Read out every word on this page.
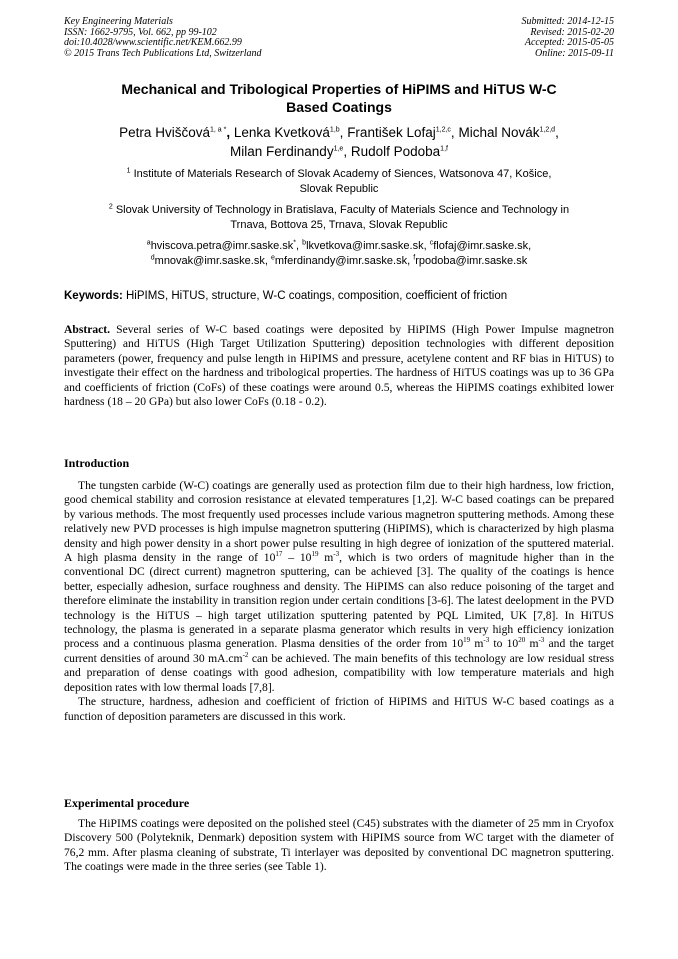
Key Engineering Materials
ISSN: 1662-9795, Vol. 662, pp 99-102
doi:10.4028/www.scientific.net/KEM.662.99
© 2015 Trans Tech Publications Ltd, Switzerland
Submitted: 2014-12-15
Revised: 2015-02-20
Accepted: 2015-05-05
Online: 2015-09-11
Mechanical and Tribological Properties of HiPIMS and HiTUS W-C
Based Coatings
Petra Hviščová$^{1, a *}$, Lenka Kvetková$^{1,b}$, František Lofaj$^{1,2,c}$, Michal Novák$^{1,2,d}$,
Milan Ferdinandy$^{1,e}$, Rudolf Podoba$^{1,f}$
$^1$ Institute of Materials Research of Slovak Academy of Siences, Watsonova 47, Košice,
Slovak Republic
$^2$ Slovak University of Technology in Bratislava, Faculty of Materials Science and Technology in
Trnava, Bottova 25, Trnava, Slovak Republic
$^a$hviscova.petra@imr.saske.sk*, $^b$lkvetkova@imr.saske.sk, $^c$flofaj@imr.saske.sk,
$^d$mnovak@imr.saske.sk, $^e$mferdinandy@imr.saske.sk, $^f$rpodoba@imr.saske.sk
Keywords: HiPIMS, HiTUS, structure, W-C coatings, composition, coefficient of friction
Abstract. Several series of W-C based coatings were deposited by HiPIMS (High Power Impulse magnetron Sputtering) and HiTUS (High Target Utilization Sputtering) deposition technologies with different deposition parameters (power, frequency and pulse length in HiPIMS and pressure, acetylene content and RF bias in HiTUS) to investigate their effect on the hardness and tribological properties. The hardness of HiTUS coatings was up to 36 GPa and coefficients of friction (CoFs) of these coatings were around 0.5, whereas the HiPIMS coatings exhibited lower hardness (18 – 20 GPa) but also lower CoFs (0.18 - 0.2).
Introduction

The tungsten carbide (W-C) coatings are generally used as protection film due to their high hardness, low friction, good chemical stability and corrosion resistance at elevated temperatures [1,2]. W-C based coatings can be prepared by various methods. The most frequently used processes include various magnetron sputtering methods. Among these relatively new PVD processes is high impulse magnetron sputtering (HiPIMS), which is characterized by high plasma density and high power density in a short power pulse resulting in high degree of ionization of the sputtered material. A high plasma density in the range of $10^{17} - 10^{19}$ $m^{-3}$, which is two orders of magnitude higher than in the conventional DC (direct current) magnetron sputtering, can be achieved [3]. The quality of the coatings is hence better, especially adhesion, surface roughness and density. The HiPIMS can also reduce poisoning of the target and therefore eliminate the instability in transition region under certain conditions [3-6]. The latest deelopment in the PVD technology is the HiTUS – high target utilization sputtering patented by PQL Limited, UK [7,8]. In HiTUS technology, the plasma is generated in a separate plasma generator which results in very high efficiency ionization process and a continuous plasma generation. Plasma densities of the order from $10^{19}$ $m^{-3}$ to $10^{20}$ $m^{-3}$ and the target current densities of around 30 $mA.cm^{-2}$ can be achieved. The main benefits of this technology are low residual stress and preparation of dense coatings with good adhesion, compatibility with low temperature materials and high deposition rates with low thermal loads [7,8].

The structure, hardness, adhesion and coefficient of friction of HiPIMS and HiTUS W-C based coatings as a function of deposition parameters are discussed in this work.

Experimental procedure

The HiPIMS coatings were deposited on the polished steel (C45) substrates with the diameter of 25 mm in Cryofox Discovery 500 (Polyteknik, Denmark) deposition system with HiPIMS source from WC target with the diameter of 76,2 mm. After plasma cleaning of substrate, Ti interlayer was deposited by conventional DC magnetron sputtering. The coatings were made in the three series (see Table 1).
